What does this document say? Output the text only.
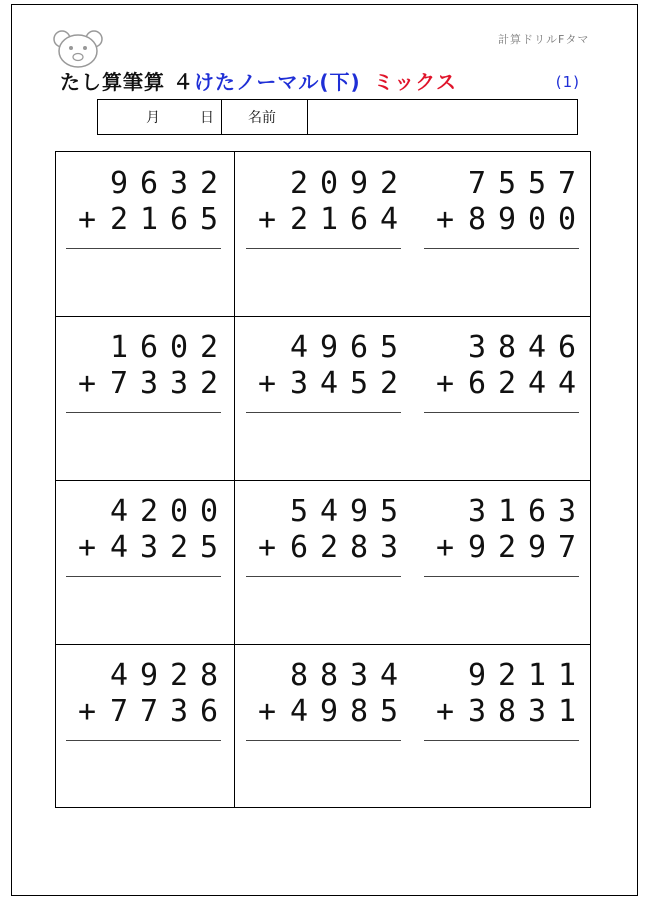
計算ドリルFタマ
たし算筆算 ４けたノーマル(下) ミックス	(1)
月	日 名前
9 6 3 2
+ 2 1 6 5
2 0 9 2
+ 2 1 6 4
7 5 5 7
+ 8 9 0 0
1 6 0 2
+ 7 3 3 2
4 9 6 5
+ 3 4 5 2
3 8 4 6
+ 6 2 4 4
4 2 0 0
+ 4 3 2 5
5 4 9 5
+ 6 2 8 3
3 1 6 3
+ 9 2 9 7
4 9 2 8
+ 7 7 3 6
8 8 3 4
+ 4 9 8 5
9 2 1 1
+ 3 8 3 1
